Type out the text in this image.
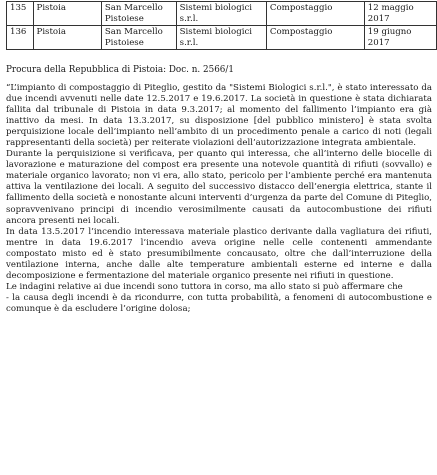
135	Pistoia	San Marcello Pistoiese	Sistemi biologici s.r.l.	Compostaggio	12 maggio 2017
136	Pistoia	San Marcello Pistoiese	Sistemi biologici s.r.l.	Compostaggio	19 giugno 2017

Procura della Repubblica di Pistoia: Doc. n. 2566/1

“L’impianto di compostaggio di Piteglio, gestito da "Sistemi Biologici s.r.l.", è stato interessato da due incendi avvenuti nelle date 12.5.2017 e 19.6.2017. La società in questione è stata dichiarata fallita dal tribunale di Pistoia in data 9.3.2017; al momento del fallimento l’impianto era già inattivo da mesi. In data 13.3.2017, su disposizione [del pubblico ministero] è stata svolta perquisizione locale dell’impianto nell’ambito di un procedimento penale a carico di noti (legali rappresentanti della società) per reiterate violazioni dell’autorizzazione integrata ambientale.

Durante la perquisizione si verificava, per quanto qui interessa, che all’interno delle biocelle di lavorazione e maturazione del compost era presente una notevole quantità di rifiuti (sovvallo) e materiale organico lavorato; non vi era, allo stato, pericolo per l’ambiente perché era mantenuta attiva la ventilazione dei locali. A seguito del successivo distacco dell’energia elettrica, stante il fallimento della società e nonostante alcuni interventi d’urgenza da parte del Comune di Piteglio, sopravvenivano principi di incendio verosimilmente causati da autocombustione dei rifiuti ancora presenti nei locali.

In data 13.5.2017 l’incendio interessava materiale plastico derivante dalla vagliatura dei rifiuti, mentre in data 19.6.2017 l’incendio aveva origine nelle celle contenenti ammendante compostato misto ed è stato presumibilmente concausato, oltre che dall’interruzione della ventilazione interna, anche dalle alte temperature ambientali esterne ed interne e dalla decomposizione e fermentazione del materiale organico presente nei rifiuti in questione.

Le indagini relative ai due incendi sono tuttora in corso, ma allo stato si può affermare che

- la causa degli incendi è da ricondurre, con tutta probabilità, a fenomeni di autocombustione e comunque è da escludere l’origine dolosa;
